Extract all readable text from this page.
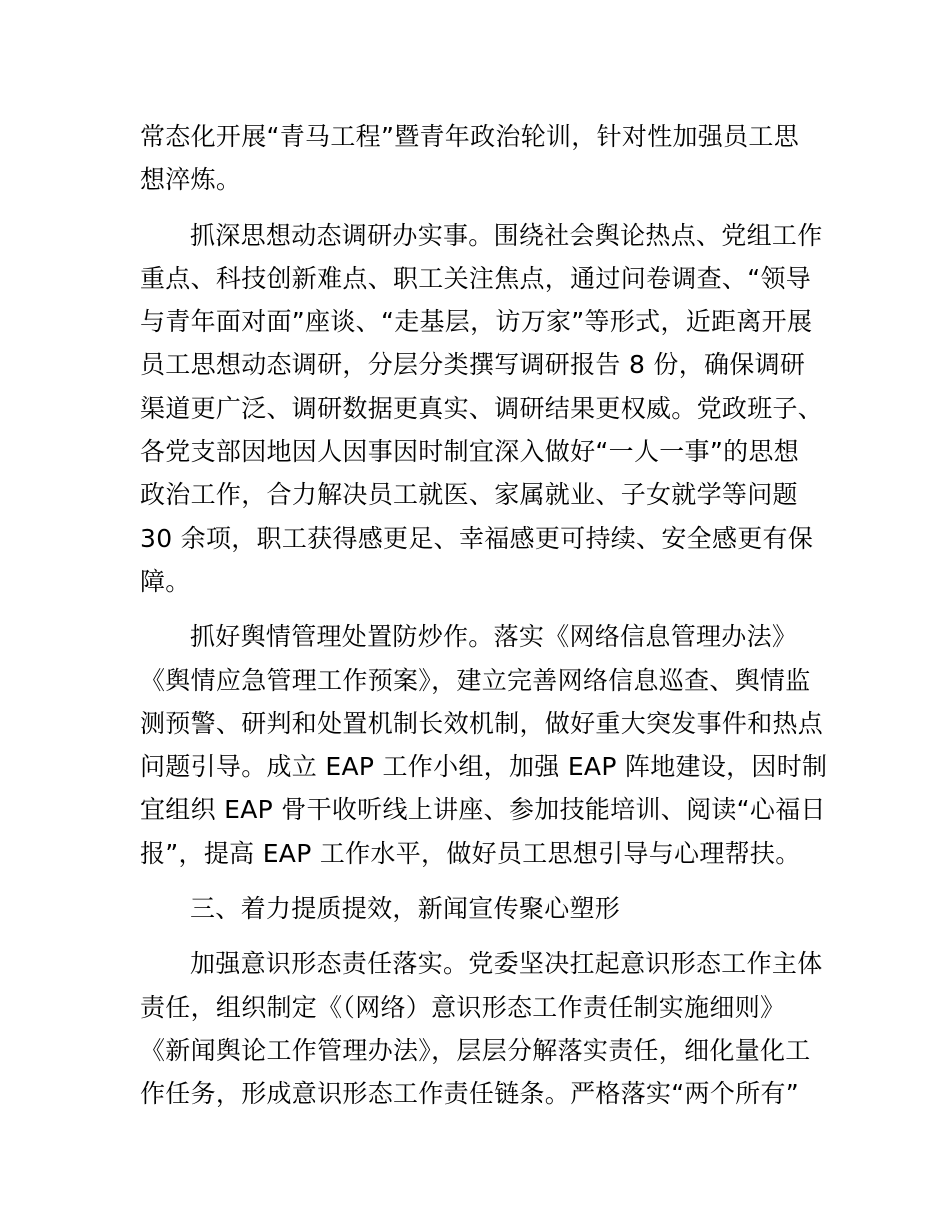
常态化开展“青马工程”暨青年政治轮训，针对性加强员工思
想淬炼。

抓深思想动态调研办实事。围绕社会舆论热点、党组工作
重点、科技创新难点、职工关注焦点，通过问卷调查、“领导
与青年面对面”座谈、“走基层，访万家”等形式，近距离开展
员工思想动态调研，分层分类撰写调研报告 8 份，确保调研
渠道更广泛、调研数据更真实、调研结果更权威。党政班子、
各党支部因地因人因事因时制宜深入做好“一人一事”的思想
政治工作，合力解决员工就医、家属就业、子女就学等问题
30 余项，职工获得感更足、幸福感更可持续、安全感更有保
障。

抓好舆情管理处置防炒作。落实《网络信息管理办法》
《舆情应急管理工作预案》，建立完善网络信息巡查、舆情监
测预警、研判和处置机制长效机制，做好重大突发事件和热点
问题引导。成立 EAP 工作小组，加强 EAP 阵地建设，因时制
宜组织 EAP 骨干收听线上讲座、参加技能培训、阅读“心福日
报”，提高 EAP 工作水平，做好员工思想引导与心理帮扶。

三、着力提质提效，新闻宣传聚心塑形

加强意识形态责任落实。党委坚决扛起意识形态工作主体
责任，组织制定《（网络）意识形态工作责任制实施细则》
《新闻舆论工作管理办法》，层层分解落实责任，细化量化工
作任务，形成意识形态工作责任链条。严格落实“两个所有”
